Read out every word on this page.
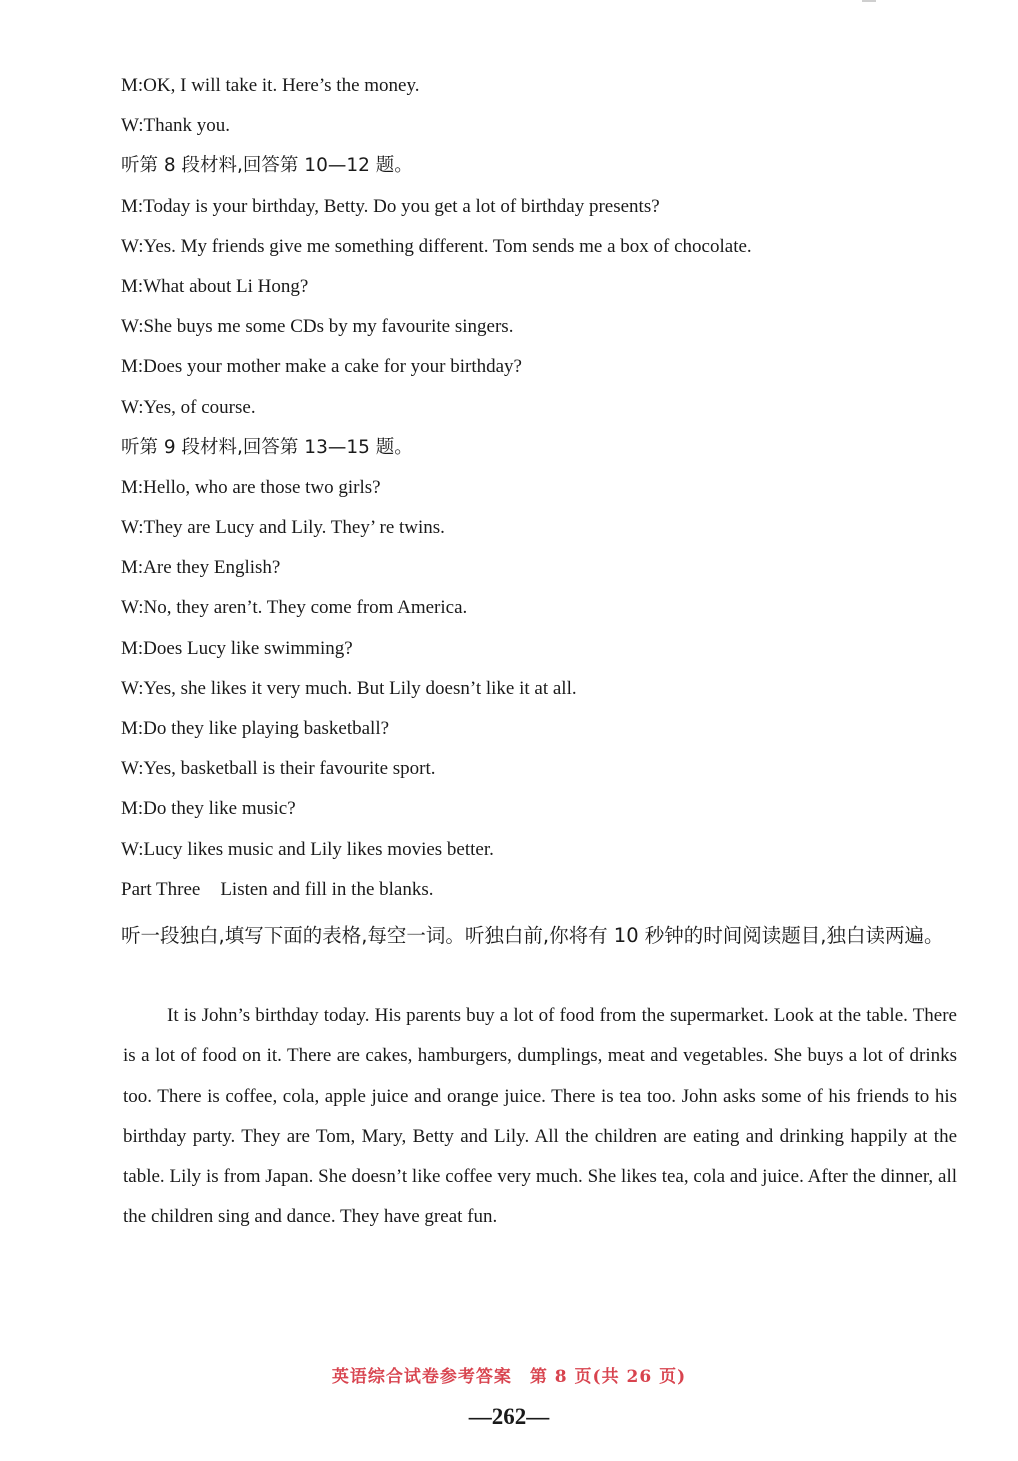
M:OK, I will take it. Here’s the money.
W:Thank you.
听第 8 段材料,回答第 10—12 题。
M:Today is your birthday, Betty. Do you get a lot of birthday presents?
W:Yes. My friends give me something different. Tom sends me a box of chocolate.
M:What about Li Hong?
W:She buys me some CDs by my favourite singers.
M:Does your mother make a cake for your birthday?
W:Yes, of course.
听第 9 段材料,回答第 13—15 题。
M:Hello, who are those two girls?
W:They are Lucy and Lily. They’ re twins.
M:Are they English?
W:No, they aren’t. They come from America.
M:Does Lucy like swimming?
W:Yes, she likes it very much. But Lily doesn’t like it at all.
M:Do they like playing basketball?
W:Yes, basketball is their favourite sport.
M:Do they like music?
W:Lucy likes music and Lily likes movies better.
Part Three Listen and fill in the blanks.

听一段独白,填写下面的表格,每空一词。听独白前,你将有 10 秒钟的时间阅读题目,独白读两遍。

It is John’s birthday today. His parents buy a lot of food from the supermarket. Look at the table. There is a lot of food on it. There are cakes, hamburgers, dumplings, meat and vegetables. She buys a lot of drinks too. There is coffee, cola, apple juice and orange juice. There is tea too. John asks some of his friends to his birthday party. They are Tom, Mary, Betty and Lily. All the children are eating and drinking happily at the table. Lily is from Japan. She doesn’t like coffee very much. She likes tea, cola and juice. After the dinner, all the children sing and dance. They have great fun.

英语综合试卷参考答案　第 8 页(共 26 页)
—262—
